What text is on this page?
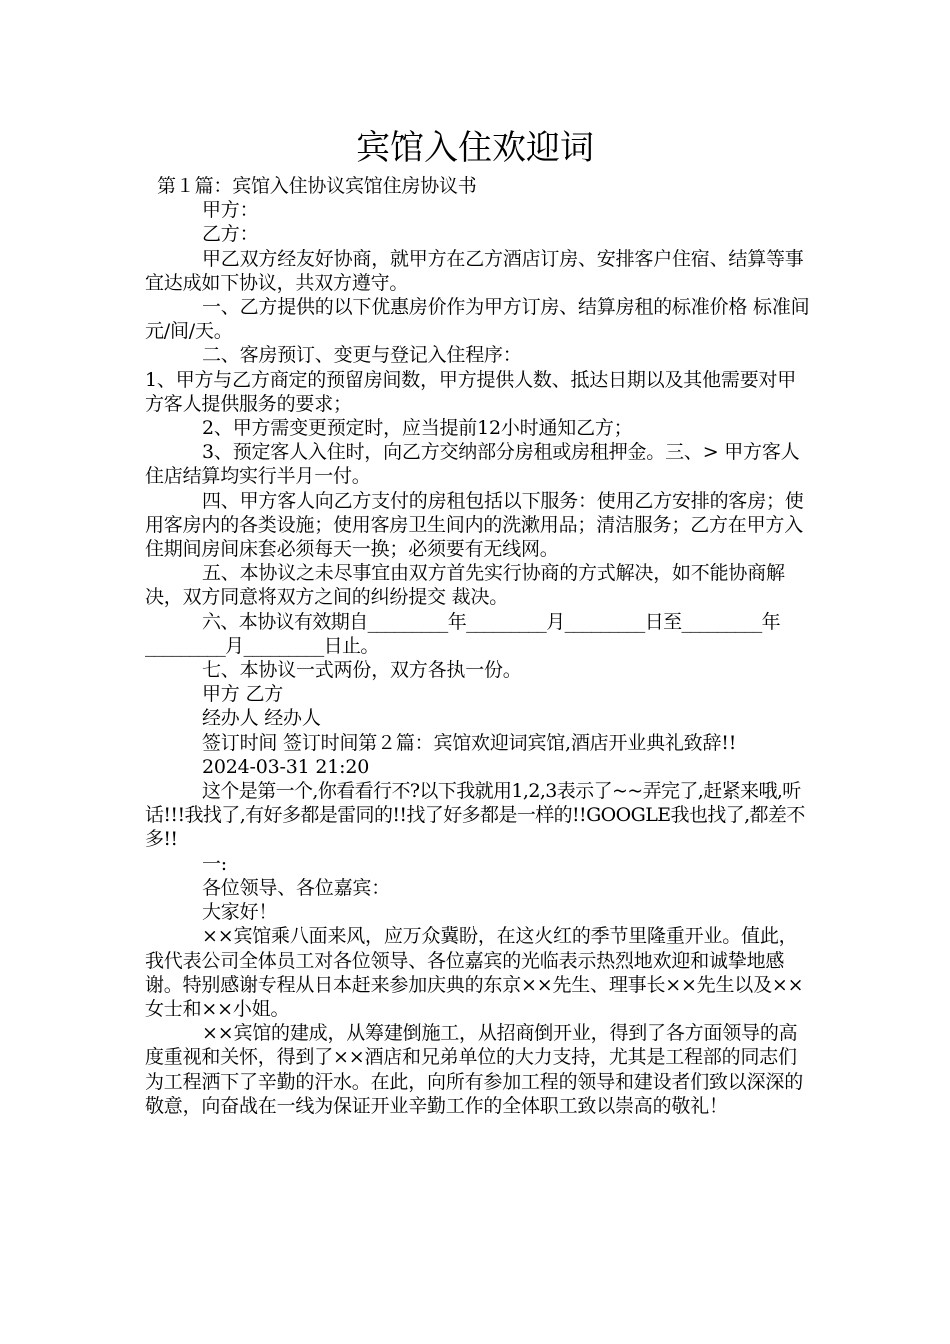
宾馆入住欢迎词

第１篇：宾馆入住协议宾馆住房协议书

甲方：

乙方：

甲乙双方经友好协商，就甲方在乙方酒店订房、安排客户住宿、结算等事宜达成如下协议，共双方遵守。

一、乙方提供的以下优惠房价作为甲方订房、结算房租的标准价格 标准间 元/间/天。

二、客房预订、变更与登记入住程序：

1、甲方与乙方商定的预留房间数，甲方提供人数、抵达日期以及其他需要对甲方客人提供服务的要求；

2、甲方需变更预定时，应当提前12小时通知乙方；

3、预定客人入住时，向乙方交纳部分房租或房租押金。三、> 甲方客人住店结算均实行半月一付。

四、甲方客人向乙方支付的房租包括以下服务：使用乙方安排的客房；使用客房内的各类设施；使用客房卫生间内的洗漱用品；清洁服务；乙方在甲方入住期间房间床套必须每天一换；必须要有无线网。

五、本协议之未尽事宜由双方首先实行协商的方式解决，如不能协商解决，双方同意将双方之间的纠纷提交 裁决。

六、本协议有效期自_________年_________月_________日至_________年_________月_________日止。

七、本协议一式两份，双方各执一份。

甲方 乙方

经办人 经办人

签订时间 签订时间第２篇：宾馆欢迎词宾馆,酒店开业典礼致辞!!

2024-03-31 21:20

这个是第一个,你看看行不?以下我就用1,2,3表示了~~弄完了,赶紧来哦,听话!!!我找了,有好多都是雷同的!!找了好多都是一样的!!GOOGLE我也找了,都差不多!!

一:

各位领导、各位嘉宾：

大家好！

××宾馆乘八面来风，应万众冀盼，在这火红的季节里隆重开业。值此，我代表公司全体员工对各位领导、各位嘉宾的光临表示热烈地欢迎和诚挚地感谢。特别感谢专程从日本赶来参加庆典的东京××先生、理事长××先生以及××女士和××小姐。

××宾馆的建成，从筹建倒施工，从招商倒开业，得到了各方面领导的高度重视和关怀，得到了××酒店和兄弟单位的大力支持，尤其是工程部的同志们为工程洒下了辛勤的汗水。在此，向所有参加工程的领导和建设者们致以深深的敬意，向奋战在一线为保证开业辛勤工作的全体职工致以崇高的敬礼！
